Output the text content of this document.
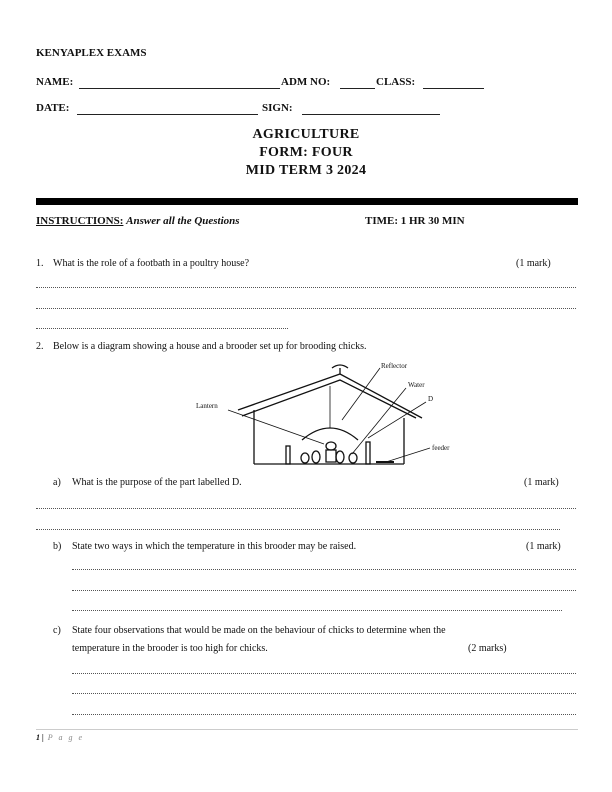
KENYAPLEX EXAMS
NAME:	ADM NO:	CLASS:
DATE:	SIGN:
AGRICULTURE
FORM: FOUR
MID TERM 3 2024
INSTRUCTIONS: Answer all the Questions	TIME: 1 HR 30 MIN
1. What is the role of a footbath in a poultry house?	(1 mark)
2. Below is a diagram showing a house and a brooder set up for brooding chicks.
Reflector
Water
D
Lantern
feeder
a) What is the purpose of the part labelled D.	(1 mark)
b) State two ways in which the temperature in this brooder may be raised.	(1 mark)
c) State four observations that would be made on the behaviour of chicks to determine when the
temperature in the brooder is too high for chicks.	(2 marks)
1 | P a g e
